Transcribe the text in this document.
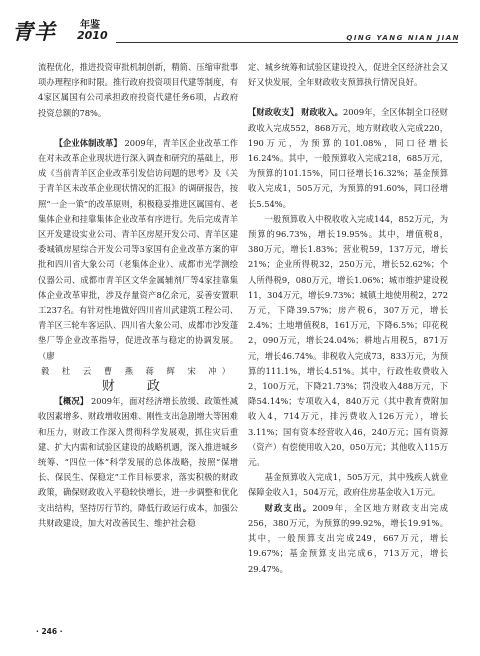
青羊 年鉴
2010	QING YANG NIAN JIAN

流程优化，推进投资审批机制创新，精简、压缩审批事项办理程序和时限。推行政府投资项目代建等制度，有4家区属国有公司承担政府投资代建任务6项，占政府投资总额的78%。

【企业体制改革】 2009年，青羊区企业改革工作在对未改革企业现状进行深入调查和研究的基础上，形成《当前青羊区企业改革引发信访问题的思考》及《关于青羊区未改革企业现状情况的汇报》的调研报告，按照“一企一策”的改革原则，积极稳妥推进区属国有、老集体企业和挂靠集体企业改革有序进行。先后完成青羊区开发建设实业公司、青羊区房屋开发公司、青羊区建委城镇房屋综合开发公司等3家国有企业改革方案的审批和四川省大象公司（老集体企业）、成都市光学测绘仪器公司、成都市青羊区文华金属辅剂厂等4家挂靠集体企业改革审批，涉及存量资产8亿余元，妥善安置职工237名。有针对性地做好四川省川武建筑工程公司、青羊区三轮车客运队、四川省大象公司、成都市沙发蓬垫厂等企业改革指导，促进改革与稳定的协调发展。（廖

毅 杜 云 曹 燕 蒋 辉 宋 冲）

财 政

【概况】 2009年，面对经济增长放缓、政策性减收因素增多、财政增收困难、刚性支出急剧增大等困难和压力，财政工作深入贯彻科学发展观，抓住灾后重建、扩大内需和试验区建设的战略机遇，深入推进城乡统筹、“四位一体”科学发展的总体战略，按照“保增长、保民生、保稳定”工作目标要求，落实积极的财政政策，确保财政收入平稳较快增长，进一步调整和优化支出结构，坚持厉行节约，降低行政运行成本，加强公共财政建设，加大对改善民生、维护社会稳

定、城乡统筹和试验区建设投入，促进全区经济社会又好又快发展，全年财政收支预算执行情况良好。

【财政收支】 财政收入。2009年，全区体制全口径财政收入完成552，868万元，地方财政收入完成220，190万元，为预算的101.08%，同口径增长16.24%。其中，一般预算收入完成218，685万元，为预算的101.15%，同口径增长16.32%；基金预算收入完成1，505万元，为预算的91.60%，同口径增长5.54%。

一般预算收入中税收收入完成144，852万元，为预算的96.73%，增长19.95%。其中，增值税8，380万元，增长1.83%；营业税59，137万元，增长21%；企业所得税32，250万元，增长52.62%；个人所得税9，080万元，增长1.06%；城市维护建设税11，304万元，增长9.73%；城镇土地使用税2，272万元，下降39.57%；房产税6，307万元，增长2.4%；土地增值税8，161万元，下降6.5%；印花税2，090万元，增长24.04%；耕地占用税5，871万元，增长46.74%。非税收入完成73，833万元，为预算的111.1%，增长4.51%。其中，行政性收费收入2，100万元，下降21.73%；罚没收入488万元，下降54.14%；专项收入4，840万元（其中教育费附加收入4，714万元，排污费收入126万元），增长3.11%；国有资本经营收入46，240万元；国有资源（资产）有偿使用收入20，050万元；其他收入115万元。

基金预算收入完成1，505万元，其中残疾人就业保障金收入1，504万元，政府住房基金收入1万元。

财政支出。2009年，全区地方财政支出完成256，380万元，为预算的99.92%，增长19.91%。其中，一般预算支出完成249，667万元，增长19.67%；基金预算支出完成6，713万元，增长29.47%。

· 246 ·
